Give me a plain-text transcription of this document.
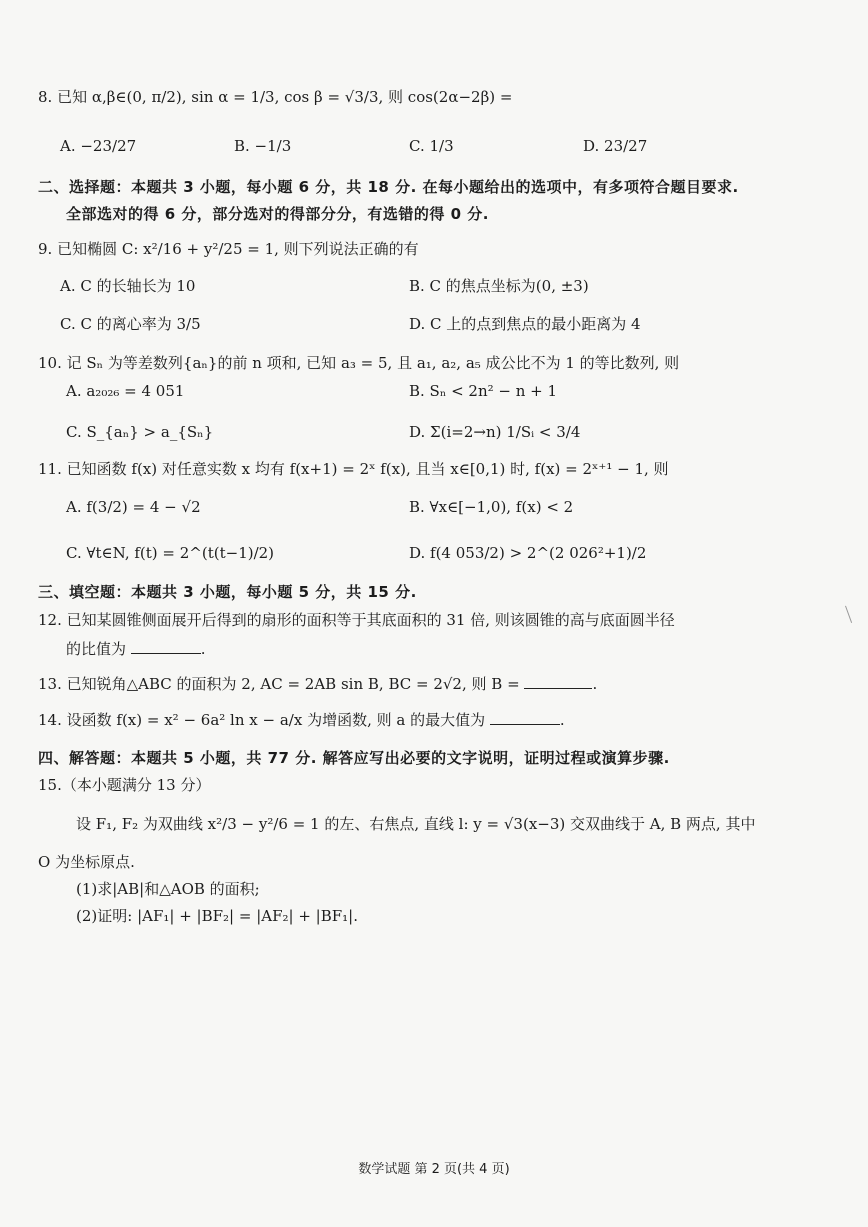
8. 已知 α,β∈(0, π/2), sin α = 1/3, cos β = √3/3, 则 cos(2α−2β) =
A. −23/27	B. −1/3	C. 1/3	D. 23/27
二、选择题：本题共 3 小题，每小题 6 分，共 18 分. 在每小题给出的选项中，有多项符合题目要求.
全部选对的得 6 分，部分选对的得部分分，有选错的得 0 分.
9. 已知椭圆 C: x²/16 + y²/25 = 1, 则下列说法正确的有
A. C 的长轴长为 10	B. C 的焦点坐标为(0, ±3)
C. C 的离心率为 3/5	D. C 上的点到焦点的最小距离为 4
10. 记 Sₙ 为等差数列{aₙ}的前 n 项和, 已知 a₃ = 5, 且 a₁, a₂, a₅ 成公比不为 1 的等比数列, 则
A. a₂₀₂₆ = 4 051	B. Sₙ < 2n² − n + 1
C. S_{aₙ} > a_{Sₙ}	D. Σ(i=2→n) 1/Sᵢ < 3/4
11. 已知函数 f(x) 对任意实数 x 均有 f(x+1) = 2ˣ f(x), 且当 x∈[0,1) 时, f(x) = 2ˣ⁺¹ − 1, 则
A. f(3/2) = 4 − √2	B. ∀x∈[−1,0), f(x) < 2
C. ∀t∈N, f(t) = 2^(t(t−1)/2)	D. f(4 053/2) > 2^(2 026²+1)/2
三、填空题：本题共 3 小题，每小题 5 分，共 15 分.
12. 已知某圆锥侧面展开后得到的扇形的面积等于其底面积的 31 倍, 则该圆锥的高与底面圆半径
的比值为	.
13. 已知锐角△ABC 的面积为 2, AC = 2AB sin B, BC = 2√2, 则 B =	.
14. 设函数 f(x) = x² − 6a² ln x − a/x 为增函数, 则 a 的最大值为	.
四、解答题：本题共 5 小题，共 77 分. 解答应写出必要的文字说明，证明过程或演算步骤.
15.（本小题满分 13 分）
设 F₁, F₂ 为双曲线 x²/3 − y²/6 = 1 的左、右焦点, 直线 l: y = √3(x−3) 交双曲线于 A, B 两点, 其中
O 为坐标原点.
(1)求|AB|和△AOB 的面积;
(2)证明: |AF₁| + |BF₂| = |AF₂| + |BF₁|.
数学试题 第 2 页(共 4 页)
